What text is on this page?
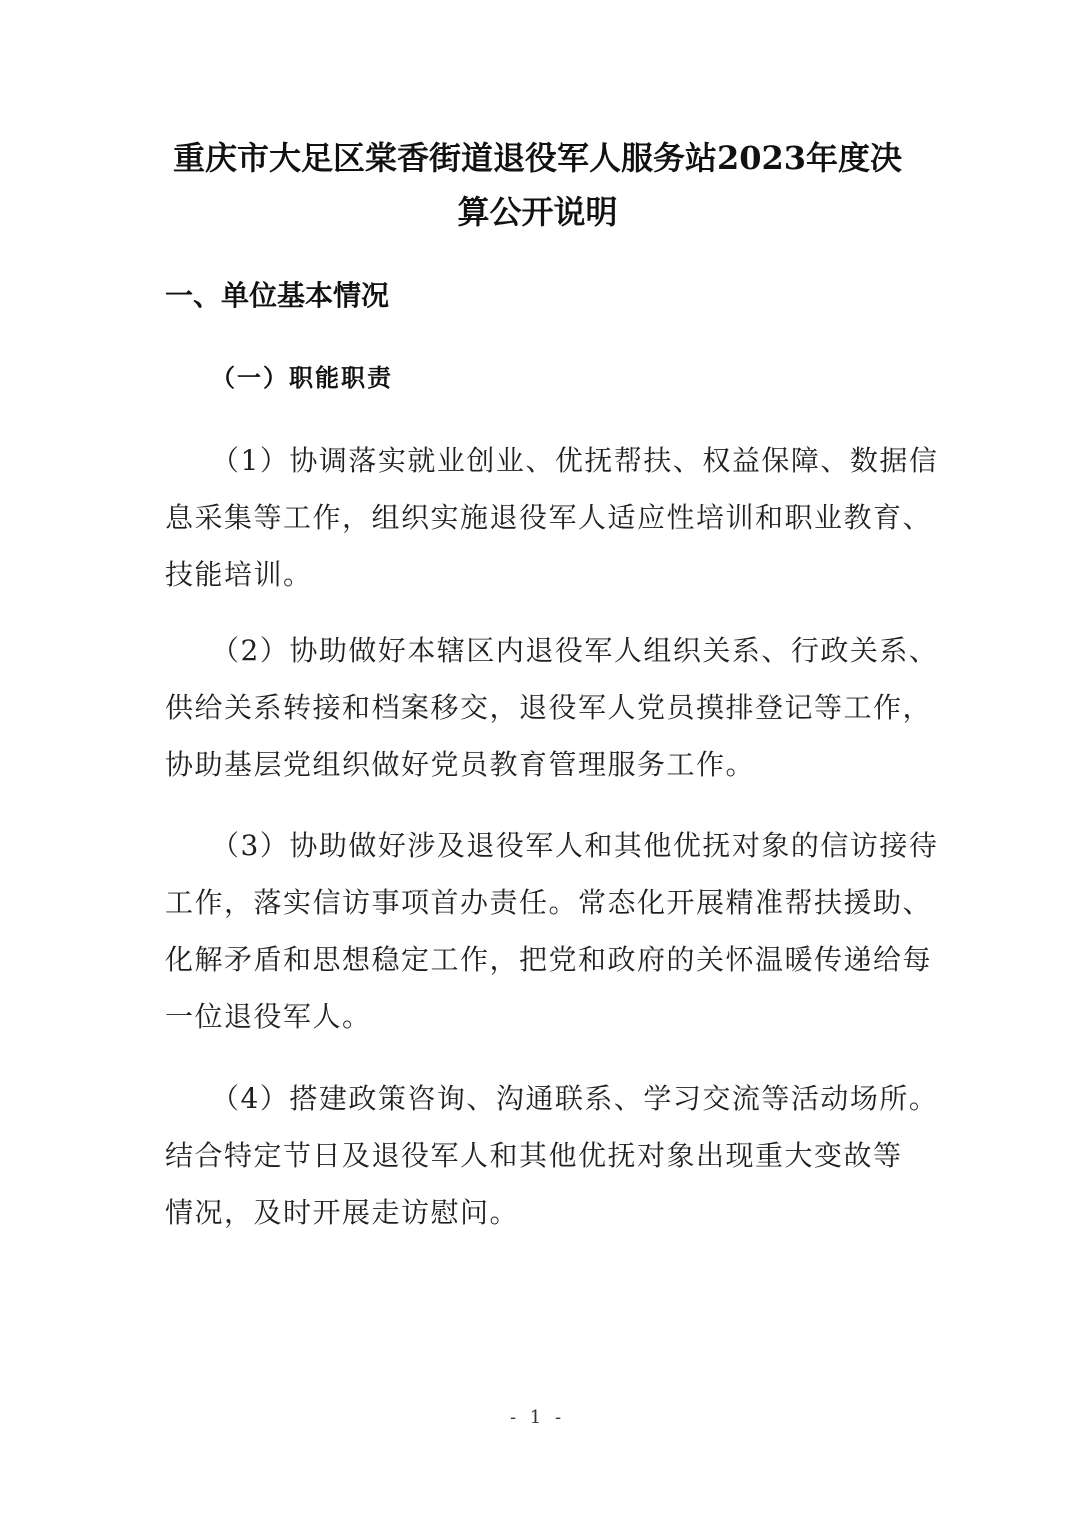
重庆市大足区棠香街道退役军人服务站2023年度决
算公开说明
一、单位基本情况
（一）职能职责
（1）协调落实就业创业、优抚帮扶、权益保障、数据信
息采集等工作，组织实施退役军人适应性培训和职业教育、
技能培训。
（2）协助做好本辖区内退役军人组织关系、行政关系、
供给关系转接和档案移交，退役军人党员摸排登记等工作，
协助基层党组织做好党员教育管理服务工作。
（3）协助做好涉及退役军人和其他优抚对象的信访接待
工作，落实信访事项首办责任。常态化开展精准帮扶援助、
化解矛盾和思想稳定工作，把党和政府的关怀温暖传递给每
一位退役军人。
（4）搭建政策咨询、沟通联系、学习交流等活动场所。
结合特定节日及退役军人和其他优抚对象出现重大变故等
情况，及时开展走访慰问。
- 1 -
